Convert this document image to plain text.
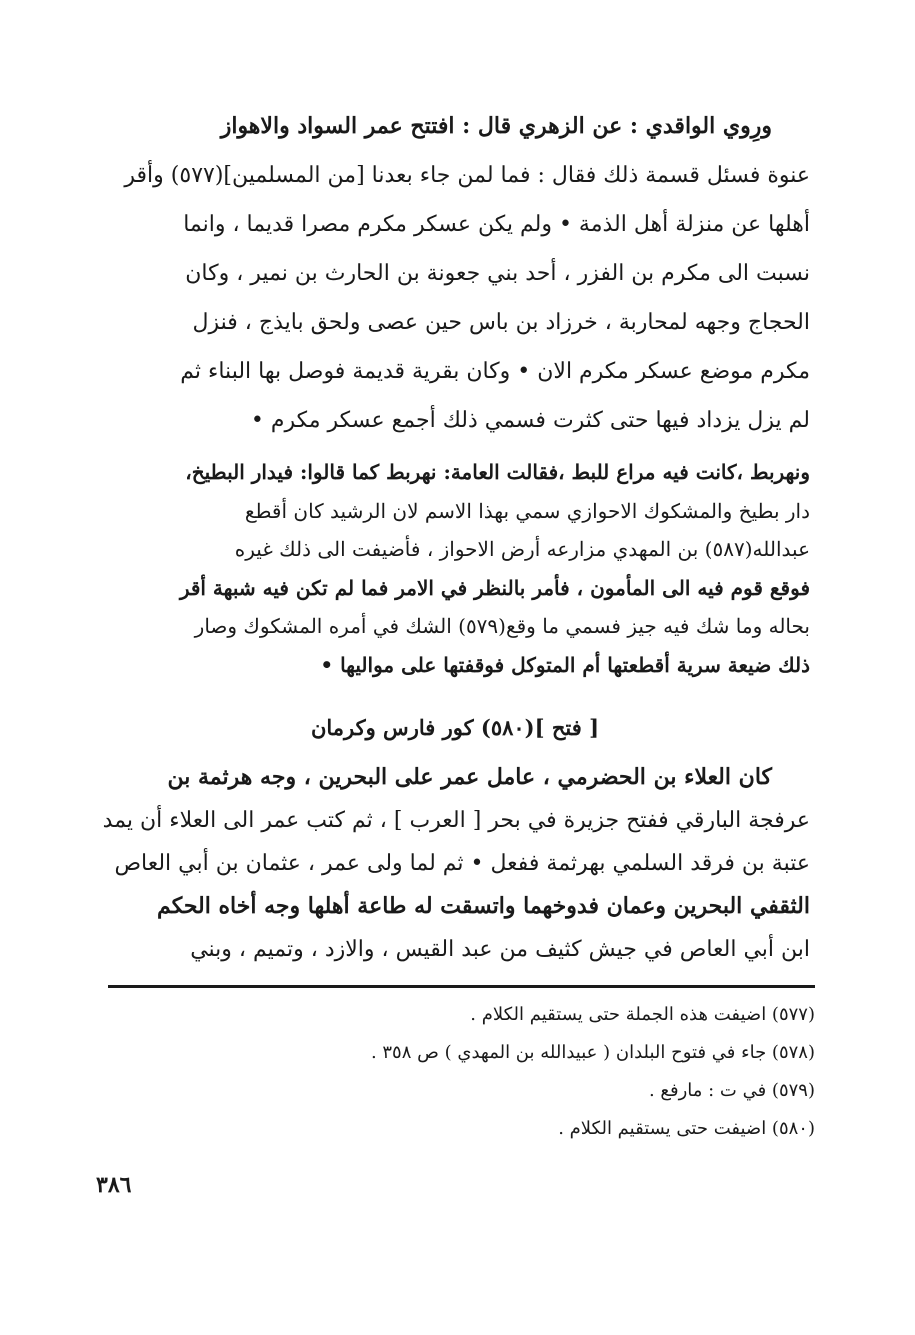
ورِوي الواقدي : عن الزهري قال : افتتح عمر السواد والاهواز
عنوة فسئل قسمة ذلك فقال : فما لمن جاء بعدنا [من المسلمين](٥٧٧) وأقر
أهلها عن منزلة أهل الذمة • ولم يكن عسكر مكرم مصرا قديما ، وانما
نسبت الى مكرم بن الفزر ، أحد بني جعونة بن الحارث بن نمير ، وكان
الحجاج وجهه لمحاربة ، خرزاد بن باس حين عصى ولحق بايذج ، فنزل
مكرم موضع عسكر مكرم الان • وكان بقرية قديمة فوصل بها البناء ثم
لم يزل يزداد فيها حتى كثرت فسمي ذلك أجمع عسكر مكرم •
ونهربط ،كانت فيه مراع للبط ،فقالت العامة: نهربط كما قالوا: فيدار البطيخ،
دار بطيخ والمشكوك الاحوازي سمي بهذا الاسم لان الرشيد كان أقطع
عبدالله(٥٨٧) بن المهدي مزارعه أرض الاحواز ، فأضيفت الى ذلك غيره
فوقع قوم فيه الى المأمون ، فأمر بالنظر في الامر فما لم تكن فيه شبهة أقر
بحاله وما شك فيه جيز فسمي ما وقع(٥٧٩) الشك في أمره المشكوك وصار
ذلك ضيعة سرية أقطعتها أم المتوكل فوقفتها على مواليها •
[ فتح ](٥٨٠) كور فارس وكرمان
كان العلاء بن الحضرمي ، عامل عمر على البحرين ، وجه هرثمة بن
عرفجة البارقي ففتح جزيرة في بحر [ العرب ] ، ثم كتب عمر الى العلاء أن يمد
عتبة بن فرقد السلمي بهرثمة ففعل • ثم لما ولى عمر ، عثمان بن أبي العاص
الثقفي البحرين وعمان فدوخهما واتسقت له طاعة أهلها وجه أخاه الحكم
ابن أبي العاص في جيش كثيف من عبد القيس ، والازد ، وتميم ، وبني
(٥٧٧) اضيفت هذه الجملة حتى يستقيم الكلام .
(٥٧٨) جاء في فتوح البلدان ( عبيدالله بن المهدي ) ص ٣٥٨ .
(٥٧٩) في ت : مارفع .
(٥٨٠) اضيفت حتى يستقيم الكلام .
٣٨٦
